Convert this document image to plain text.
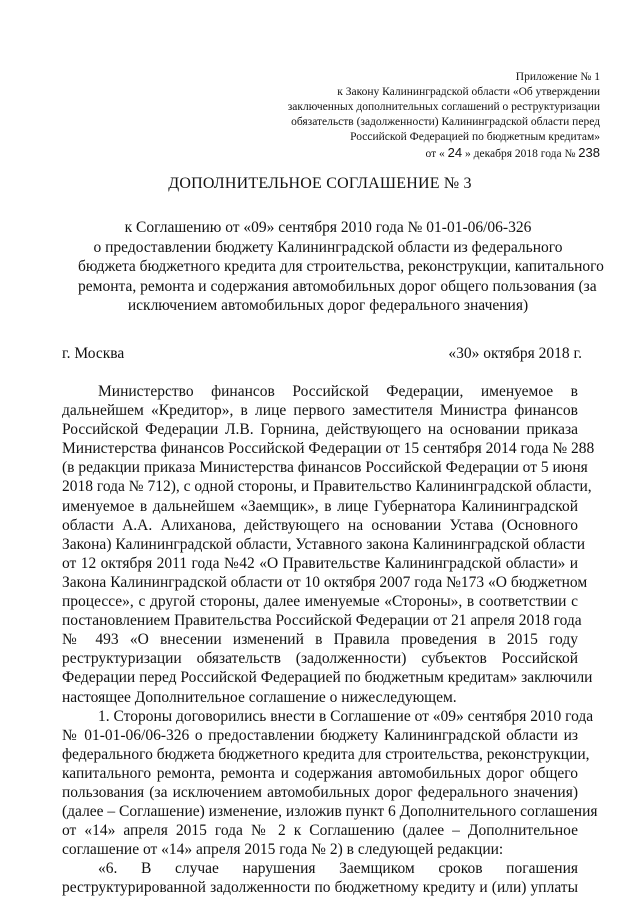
Приложение № 1
к Закону Калининградской области «Об утверждении
заключенных дополнительных соглашений о реструктуризации
обязательств (задолженности) Калининградской области перед
Российской Федерацией по бюджетным кредитам»
от « 24 » декабря 2018 года № 238
ДОПОЛНИТЕЛЬНОЕ СОГЛАШЕНИЕ № 3
к Соглашению от «09» сентября 2010 года № 01-01-06/06-326
о предоставлении бюджету Калининградской области из федерального
бюджета бюджетного кредита для строительства, реконструкции, капитального
ремонта, ремонта и содержания автомобильных дорог общего пользования (за
исключением автомобильных дорог федерального значения)
г. Москва	«30» октября 2018 г.
Министерство финансов Российской Федерации, именуемое в
дальнейшем «Кредитор», в лице первого заместителя Министра финансов
Российской Федерации Л.В. Горнина, действующего на основании приказа
Министерства финансов Российской Федерации от 15 сентября 2014 года № 288
(в редакции приказа Министерства финансов Российской Федерации от 5 июня
2018 года № 712), с одной стороны, и Правительство Калининградской области,
именуемое в дальнейшем «Заемщик», в лице Губернатора Калининградской
области А.А. Алиханова, действующего на основании Устава (Основного
Закона) Калининградской области, Уставного закона Калининградской области
от 12 октября 2011 года №42 «О Правительстве Калининградской области» и
Закона Калининградской области от 10 октября 2007 года №173 «О бюджетном
процессе», с другой стороны, далее именуемые «Стороны», в соответствии с
постановлением Правительства Российской Федерации от 21 апреля 2018 года
№ 493 «О внесении изменений в Правила проведения в 2015 году
реструктуризации обязательств (задолженности) субъектов Российской
Федерации перед Российской Федерацией по бюджетным кредитам» заключили
настоящее Дополнительное соглашение о нижеследующем.
1. Стороны договорились внести в Соглашение от «09» сентября 2010 года
№ 01-01-06/06-326 о предоставлении бюджету Калининградской области из
федерального бюджета бюджетного кредита для строительства, реконструкции,
капитального ремонта, ремонта и содержания автомобильных дорог общего
пользования (за исключением автомобильных дорог федерального значения)
(далее – Соглашение) изменение, изложив пункт 6 Дополнительного соглашения
от «14» апреля 2015 года № 2 к Соглашению (далее – Дополнительное
соглашение от «14» апреля 2015 года № 2) в следующей редакции:
«6. В случае нарушения Заемщиком сроков погашения
реструктурированной задолженности по бюджетному кредиту и (или) уплаты
